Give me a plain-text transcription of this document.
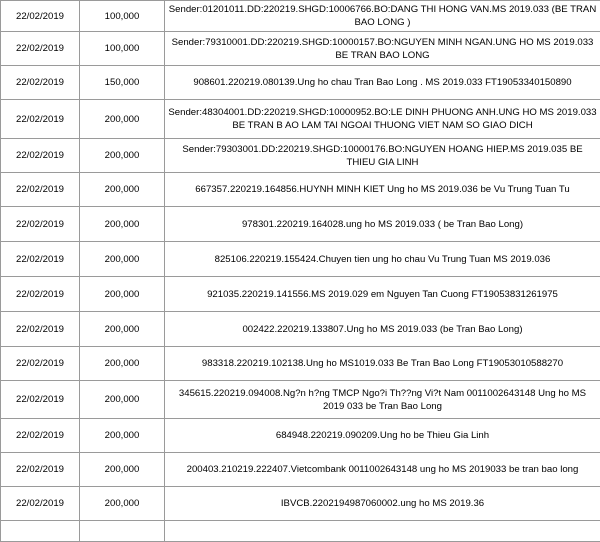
22/02/2019	100,000	Sender:01201011.DD:220219.SHGD:10006766.BO:DANG THI HONG VAN.MS 2019.033 (BE TRAN BAO LONG )
22/02/2019	100,000	Sender:79310001.DD:220219.SHGD:10000157.BO:NGUYEN MINH NGAN.UNG HO MS 2019.033 BE TRAN BAO LONG
22/02/2019	150,000	908601.220219.080139.Ung ho chau Tran Bao Long . MS 2019.033 FT19053340150890
22/02/2019	200,000	Sender:48304001.DD:220219.SHGD:10000952.BO:LE DINH PHUONG ANH.UNG HO MS 2019.033 BE TRAN B AO LAM TAI NGOAI THUONG VIET NAM SO GIAO DICH
22/02/2019	200,000	Sender:79303001.DD:220219.SHGD:10000176.BO:NGUYEN HOANG HIEP.MS 2019.035 BE THIEU GIA LINH
22/02/2019	200,000	667357.220219.164856.HUYNH MINH KIET Ung ho MS 2019.036 be Vu Trung Tuan Tu
22/02/2019	200,000	978301.220219.164028.ung ho MS 2019.033 ( be Tran Bao Long)
22/02/2019	200,000	825106.220219.155424.Chuyen tien ung ho chau Vu Trung Tuan MS 2019.036
22/02/2019	200,000	921035.220219.141556.MS 2019.029 em Nguyen Tan Cuong FT19053831261975
22/02/2019	200,000	002422.220219.133807.Ung ho MS 2019.033 (be Tran Bao Long)
22/02/2019	200,000	983318.220219.102138.Ung ho MS1019.033 Be Tran Bao Long FT19053010588270
22/02/2019	200,000	345615.220219.094008.Ng?n h?ng TMCP Ngo?i Th??ng Vi?t Nam 0011002643148 Ung ho MS 2019 033 be Tran Bao Long
22/02/2019	200,000	684948.220219.090209.Ung ho be Thieu Gia Linh
22/02/2019	200,000	200403.210219.222407.Vietcombank 0011002643148 ung ho MS 2019033 be tran bao long
22/02/2019	200,000	IBVCB.2202194987060002.ung ho MS 2019.36
